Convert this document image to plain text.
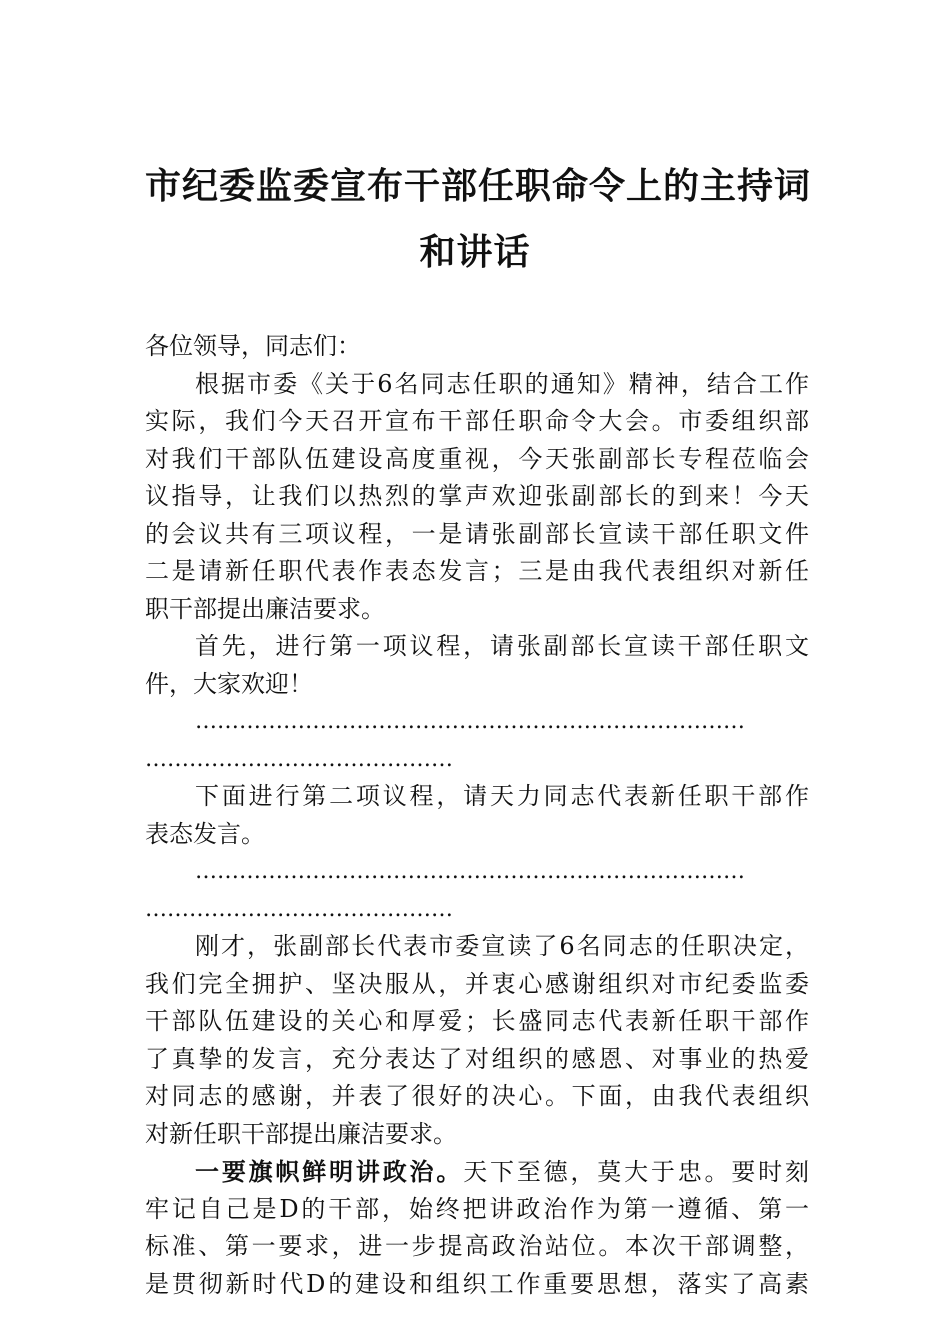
市纪委监委宣布干部任职命令上的主持词
和讲话
各位领导，同志们：
根据市委《关于6名同志任职的通知》精神，结合工作
实际，我们今天召开宣布干部任职命令大会。市委组织部
对我们干部队伍建设高度重视，今天张副部长专程莅临会
议指导，让我们以热烈的掌声欢迎张副部长的到来！今天
的会议共有三项议程，一是请张副部长宣读干部任职文件
二是请新任职代表作表态发言；三是由我代表组织对新任
职干部提出廉洁要求。
首先，进行第一项议程，请张副部长宣读干部任职文
件，大家欢迎！
…………………………………………………………………
……………………………………
下面进行第二项议程，请天力同志代表新任职干部作
表态发言。
…………………………………………………………………
……………………………………
刚才，张副部长代表市委宣读了6名同志的任职决定，
我们完全拥护、坚决服从，并衷心感谢组织对市纪委监委
干部队伍建设的关心和厚爱；长盛同志代表新任职干部作
了真挚的发言，充分表达了对组织的感恩、对事业的热爱
对同志的感谢，并表了很好的决心。下面，由我代表组织
对新任职干部提出廉洁要求。
一要旗帜鲜明讲政治。天下至德，莫大于忠。要时刻
牢记自己是D的干部，始终把讲政治作为第一遵循、第一
标准、第一要求，进一步提高政治站位。本次干部调整，
是贯彻新时代D的建设和组织工作重要思想，落实了高素
